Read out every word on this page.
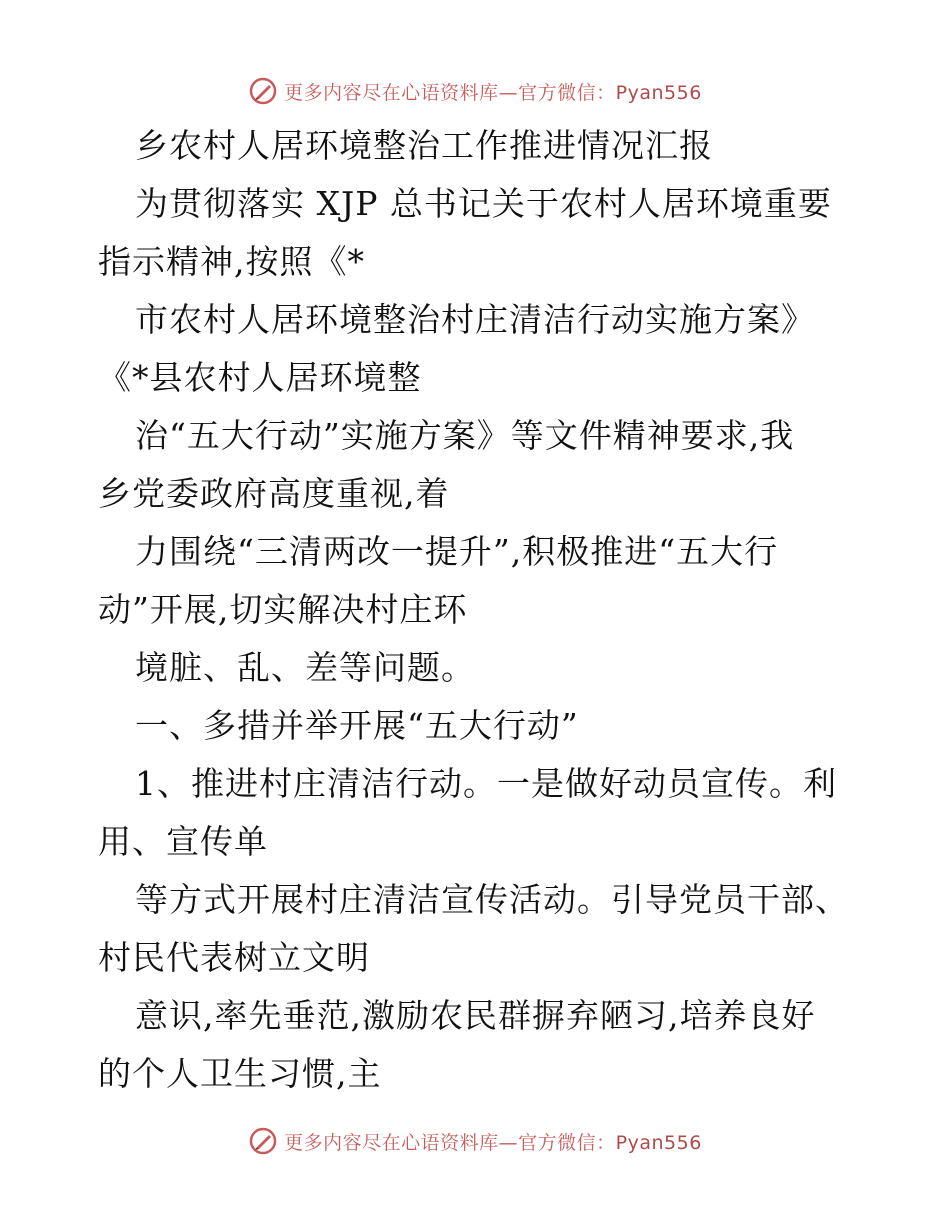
更多内容尽在心语资料库—官方微信：Pyan556
乡农村人居环境整治工作推进情况汇报
为贯彻落实 XJP 总书记关于农村人居环境重要
指示精神,按照《*
市农村人居环境整治村庄清洁行动实施方案》
《*县农村人居环境整
治“五大行动”实施方案》等文件精神要求,我
乡党委政府高度重视,着
力围绕“三清两改一提升”,积极推进“五大行
动”开展,切实解决村庄环
境脏、乱、差等问题。
一、多措并举开展“五大行动”
1、推进村庄清洁行动。一是做好动员宣传。利
用、宣传单
等方式开展村庄清洁宣传活动。引导党员干部、
村民代表树立文明
意识,率先垂范,激励农民群摒弃陋习,培养良好
的个人卫生习惯,主
更多内容尽在心语资料库—官方微信：Pyan556
